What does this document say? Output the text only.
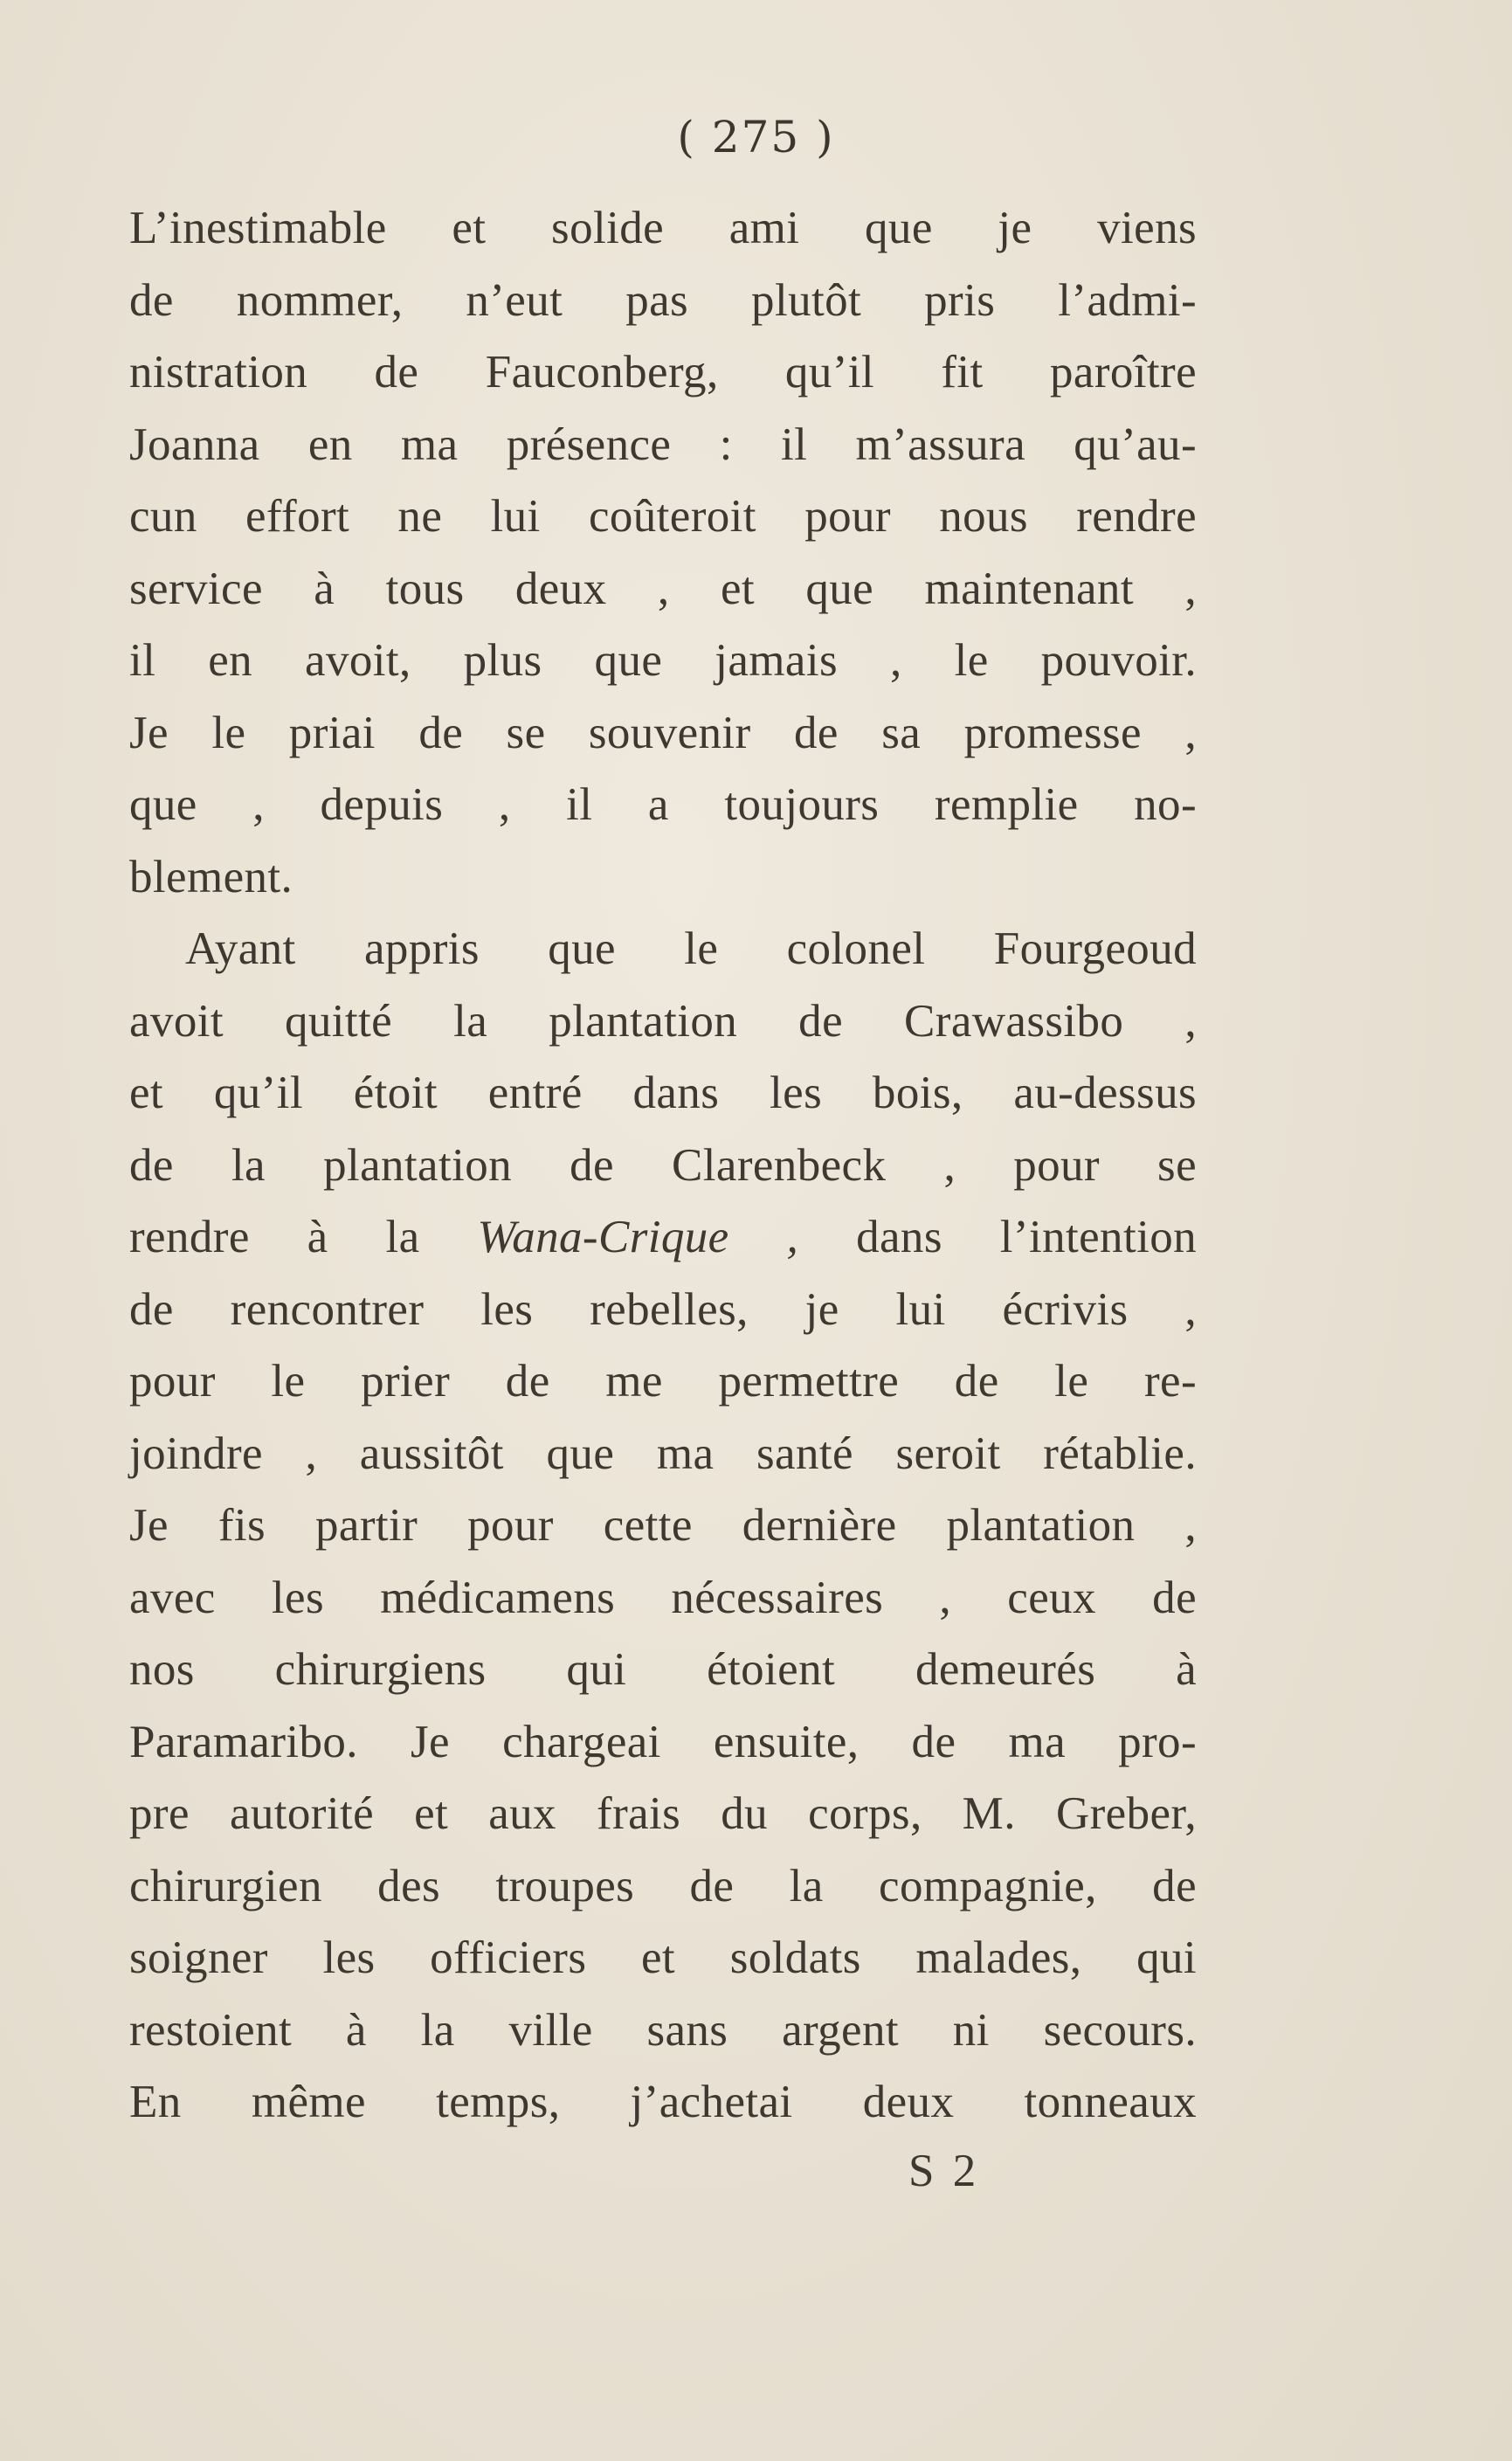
( 275 )
L’inestimable et solide ami que je viens
de nommer, n’eut pas plutôt pris l’admi-
nistration de Fauconberg, qu’il fit paroître
Joanna en ma présence : il m’assura qu’au-
cun effort ne lui coûteroit pour nous rendre
service à tous deux , et que maintenant ,
il en avoit, plus que jamais , le pouvoir.
Je le priai de se souvenir de sa promesse ,
que , depuis , il a toujours remplie no-
blement.
Ayant appris que le colonel Fourgeoud
avoit quitté la plantation de Crawassibo ,
et qu’il étoit entré dans les bois, au-dessus
de la plantation de Clarenbeck , pour se
rendre à la Wana-Crique , dans l’intention
de rencontrer les rebelles, je lui écrivis ,
pour le prier de me permettre de le re-
joindre , aussitôt que ma santé seroit rétablie.
Je fis partir pour cette dernière plantation ,
avec les médicamens nécessaires , ceux de
nos chirurgiens qui étoient demeurés à
Paramaribo. Je chargeai ensuite, de ma pro-
pre autorité et aux frais du corps, M. Greber,
chirurgien des troupes de la compagnie, de
soigner les officiers et soldats malades, qui
restoient à la ville sans argent ni secours.
En même temps, j’achetai deux tonneaux
S 2
